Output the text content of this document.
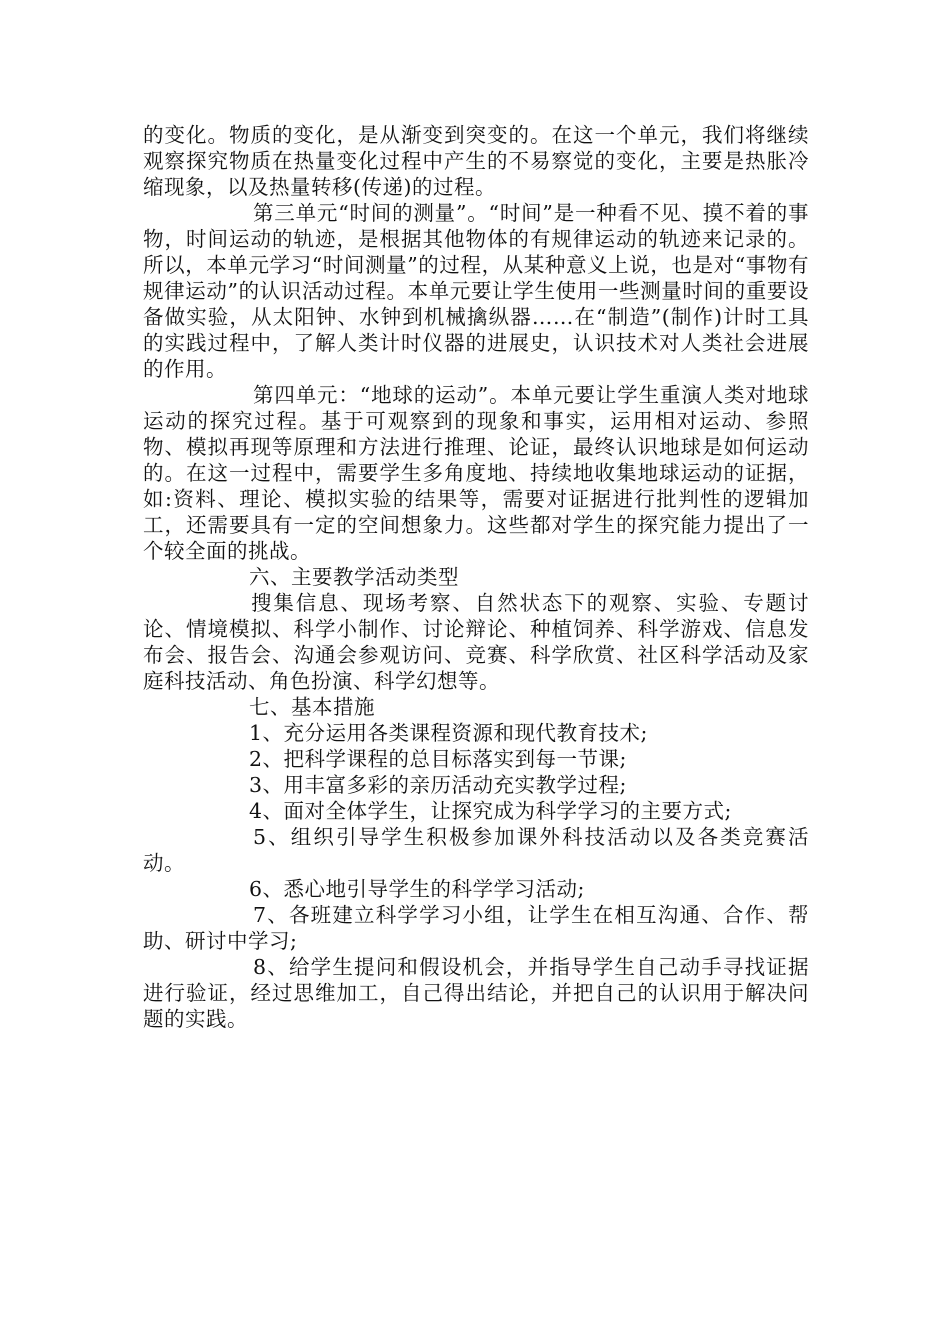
的变化。物质的变化，是从渐变到突变的。在这一个单元，我们将继续观察探究物质在热量变化过程中产生的不易察觉的变化，主要是热胀冷缩现象，以及热量转移(传递)的过程。

第三单元“时间的测量”。“时间”是一种看不见、摸不着的事物，时间运动的轨迹，是根据其他物体的有规律运动的轨迹来记录的。所以，本单元学习“时间测量”的过程，从某种意义上说，也是对“事物有规律运动”的认识活动过程。本单元要让学生使用一些测量时间的重要设备做实验，从太阳钟、水钟到机械擒纵器……在“制造”(制作)计时工具的实践过程中，了解人类计时仪器的进展史，认识技术对人类社会进展的作用。

第四单元：“地球的运动”。本单元要让学生重演人类对地球运动的探究过程。基于可观察到的现象和事实，运用相对运动、参照物、模拟再现等原理和方法进行推理、论证，最终认识地球是如何运动的。在这一过程中，需要学生多角度地、持续地收集地球运动的证据，如:资料、理论、模拟实验的结果等，需要对证据进行批判性的逻辑加工，还需要具有一定的空间想象力。这些都对学生的探究能力提出了一个较全面的挑战。

六、主要教学活动类型

搜集信息、现场考察、自然状态下的观察、实验、专题讨论、情境模拟、科学小制作、讨论辩论、种植饲养、科学游戏、信息发布会、报告会、沟通会参观访问、竞赛、科学欣赏、社区科学活动及家庭科技活动、角色扮演、科学幻想等。

七、基本措施

1、充分运用各类课程资源和现代教育技术;

2、把科学课程的总目标落实到每一节课;

3、用丰富多彩的亲历活动充实教学过程;

4、面对全体学生，让探究成为科学学习的主要方式;

5、组织引导学生积极参加课外科技活动以及各类竞赛活动。

6、悉心地引导学生的科学学习活动;

7、各班建立科学学习小组，让学生在相互沟通、合作、帮助、研讨中学习;

8、给学生提问和假设机会，并指导学生自己动手寻找证据进行验证，经过思维加工，自己得出结论，并把自己的认识用于解决问题的实践。
